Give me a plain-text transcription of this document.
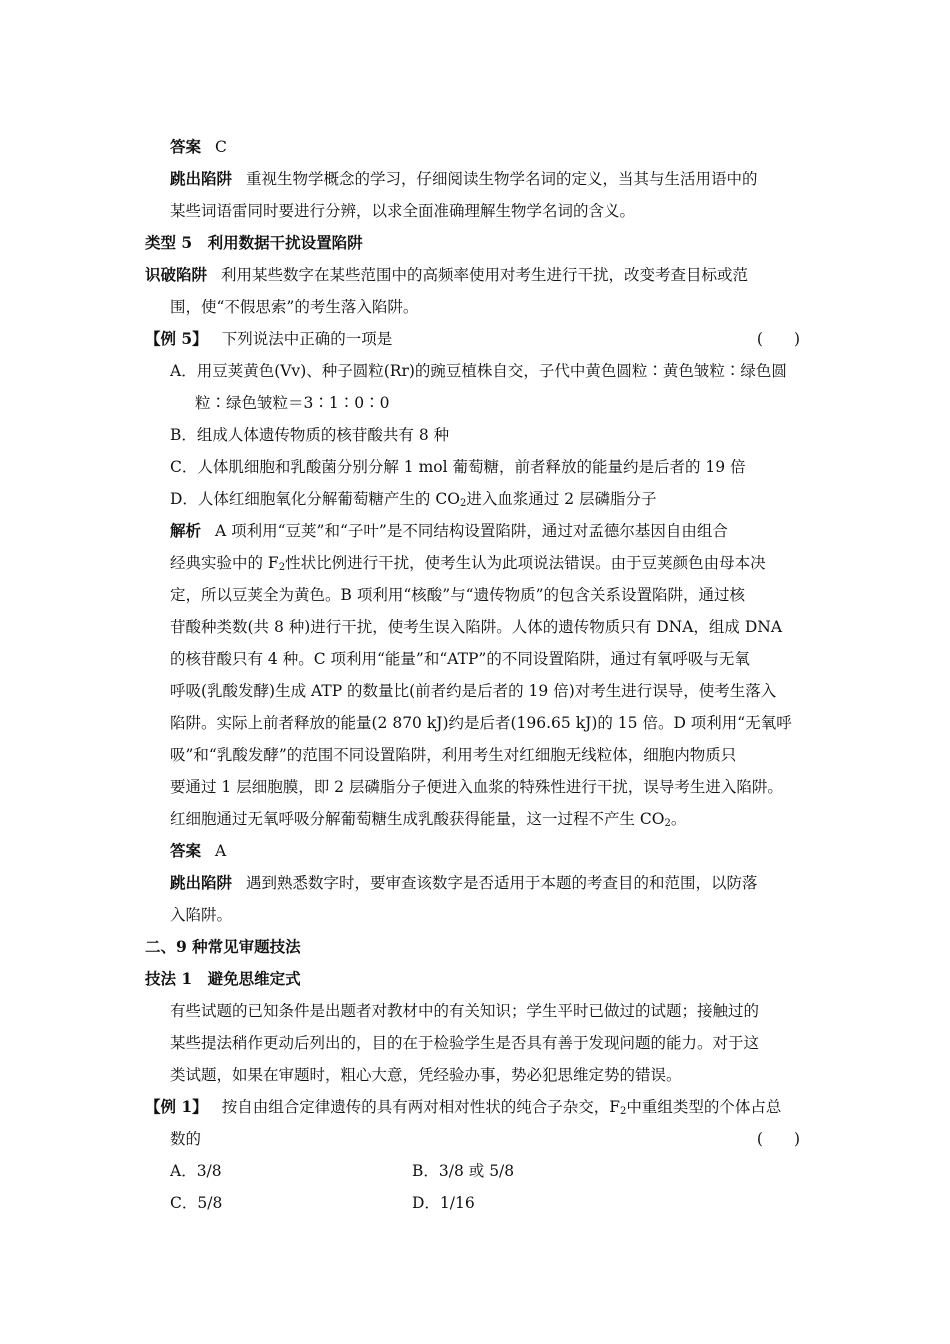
答案 C
跳出陷阱 重视生物学概念的学习，仔细阅读生物学名词的定义，当其与生活用语中的
某些词语雷同时要进行分辨，以求全面准确理解生物学名词的含义。
类型 5　利用数据干扰设置陷阱
识破陷阱 利用某些数字在某些范围中的高频率使用对考生进行干扰，改变考查目标或范
围，使“不假思索”的考生落入陷阱。
【例 5】 下列说法中正确的一项是	(　　)
A．用豆荚黄色(Vv)、种子圆粒(Rr)的豌豆植株自交，子代中黄色圆粒∶黄色皱粒∶绿色圆
粒∶绿色皱粒＝3∶1∶0∶0
B．组成人体遗传物质的核苷酸共有 8 种
C．人体肌细胞和乳酸菌分别分解 1 mol 葡萄糖，前者释放的能量约是后者的 19 倍
D．人体红细胞氧化分解葡萄糖产生的 $CO_2$进入血浆通过 2 层磷脂分子
解析 A 项利用“豆荚”和“子叶”是不同结构设置陷阱，通过对孟德尔基因自由组合
经典实验中的 $F_2$性状比例进行干扰，使考生认为此项说法错误。由于豆荚颜色由母本决
定，所以豆荚全为黄色。B 项利用“核酸”与“遗传物质”的包含关系设置陷阱，通过核
苷酸种类数(共 8 种)进行干扰，使考生误入陷阱。人体的遗传物质只有 DNA，组成 DNA
的核苷酸只有 4 种。C 项利用“能量”和“ATP”的不同设置陷阱，通过有氧呼吸与无氧
呼吸(乳酸发酵)生成 ATP 的数量比(前者约是后者的 19 倍)对考生进行误导，使考生落入
陷阱。实际上前者释放的能量(2 870 kJ)约是后者(196.65 kJ)的 15 倍。D 项利用“无氧呼
吸”和“乳酸发酵”的范围不同设置陷阱，利用考生对红细胞无线粒体，细胞内物质只
要通过 1 层细胞膜，即 2 层磷脂分子便进入血浆的特殊性进行干扰，误导考生进入陷阱。
红细胞通过无氧呼吸分解葡萄糖生成乳酸获得能量，这一过程不产生 $CO_2$。
答案 A
跳出陷阱 遇到熟悉数字时，要审查该数字是否适用于本题的考查目的和范围，以防落
入陷阱。
二、9 种常见审题技法
技法 1　避免思维定式
有些试题的已知条件是出题者对教材中的有关知识；学生平时已做过的试题；接触过的
某些提法稍作更动后列出的，目的在于检验学生是否具有善于发现问题的能力。对于这
类试题，如果在审题时，粗心大意，凭经验办事，势必犯思维定势的错误。
【例 1】 按自由组合定律遗传的具有两对相对性状的纯合子杂交，$F_2$中重组类型的个体占总
数的	(　　)
A．3/8	B．3/8 或 5/8
C．5/8	D．1/16
